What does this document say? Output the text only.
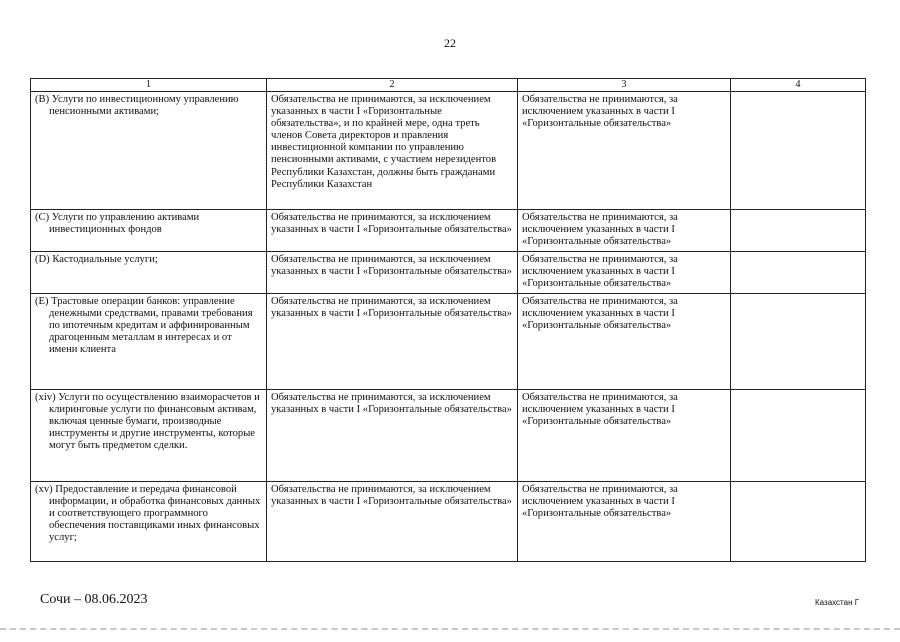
22
1	2	3	4
(B) Услуги по инвестиционному управлению пенсионными активами;	Обязательства не принимаются, за исключением указанных в части I «Горизонтальные обязательства», и по крайней мере, одна треть членов Совета директоров и правления инвестиционной компании по управлению пенсионными активами, с участием нерезидентов Республики Казахстан, должны быть гражданами Республики Казахстан	Обязательства не принимаются, за исключением указанных в части I «Горизонтальные обязательства»	
(C) Услуги по управлению активами инвестиционных фондов	Обязательства не принимаются, за исключением указанных в части I «Горизонтальные обязательства»	Обязательства не принимаются, за исключением указанных в части I «Горизонтальные обязательства»	
(D) Кастодиальные услуги;	Обязательства не принимаются, за исключением указанных в части I «Горизонтальные обязательства»	Обязательства не принимаются, за исключением указанных в части I «Горизонтальные обязательства»	
(E) Трастовые операции банков: управление денежными средствами, правами требования по ипотечным кредитам и аффинированным драгоценным металлам в интересах и от имени клиента	Обязательства не принимаются, за исключением указанных в части I «Горизонтальные обязательства»	Обязательства не принимаются, за исключением указанных в части I «Горизонтальные обязательства»	
(xiv) Услуги по осуществлению взаиморасчетов и клиринговые услуги по финансовым активам, включая ценные бумаги, производные инструменты и другие инструменты, которые могут быть предметом сделки.	Обязательства не принимаются, за исключением указанных в части I «Горизонтальные обязательства»	Обязательства не принимаются, за исключением указанных в части I «Горизонтальные обязательства»	
(xv) Предоставление и передача финансовой информации, и обработка финансовых данных и соответствующего программного обеспечения поставщиками иных финансовых услуг;	Обязательства не принимаются, за исключением указанных в части I «Горизонтальные обязательства»	Обязательства не принимаются, за исключением указанных в части I «Горизонтальные обязательства»	
Сочи – 08.06.2023	Казахстан Г
